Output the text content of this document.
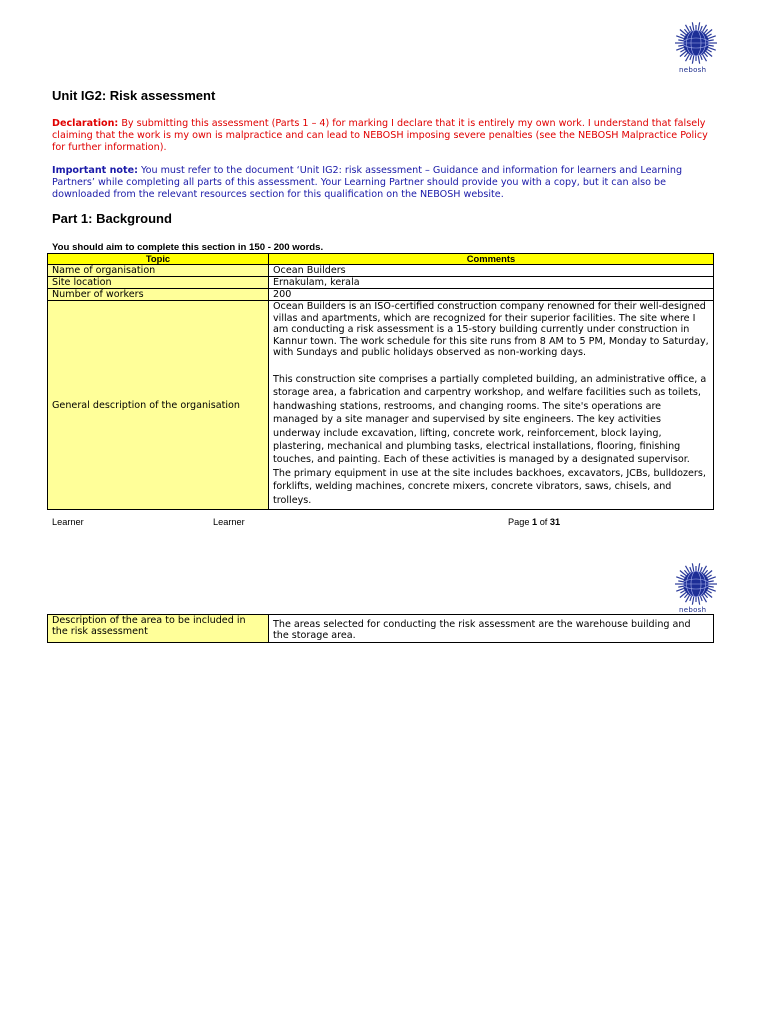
nebosh
Unit IG2: Risk assessment
Declaration: By submitting this assessment (Parts 1 – 4) for marking I declare that it is entirely my own work. I understand that falsely claiming that the work is my own is malpractice and can lead to NEBOSH imposing severe penalties (see the NEBOSH Malpractice Policy for further information).
Important note: You must refer to the document ‘Unit IG2: risk assessment – Guidance and information for learners and Learning Partners’ while completing all parts of this assessment. Your Learning Partner should provide you with a copy, but it can also be downloaded from the relevant resources section for this qualification on the NEBOSH website.
Part 1: Background
You should aim to complete this section in 150 - 200 words.
Topic	Comments
Name of organisation	Ocean Builders
Site location	Ernakulam, kerala
Number of workers	200
General description of the organisation	Ocean Builders is an ISO-certified construction company renowned for their well-designed villas and apartments, which are recognized for their superior facilities. The site where I am conducting a risk assessment is a 15-story building currently under construction in Kannur town. The work schedule for this site runs from 8 AM to 5 PM, Monday to Saturday, with Sundays and public holidays observed as non-working days.

This construction site comprises a partially completed building, an administrative office, a storage area, a fabrication and carpentry workshop, and welfare facilities such as toilets, handwashing stations, restrooms, and changing rooms. The site's operations are managed by a site manager and supervised by site engineers. The key activities underway include excavation, lifting, concrete work, reinforcement, block laying, plastering, mechanical and plumbing tasks, electrical installations, flooring, finishing touches, and painting. Each of these activities is managed by a designated supervisor. The primary equipment in use at the site includes backhoes, excavators, JCBs, bulldozers, forklifts, welding machines, concrete mixers, concrete vibrators, saws, chisels, and trolleys.

Learner	Learner	Page 1 of 31
nebosh
Description of the area to be included in the risk assessment	The areas selected for conducting the risk assessment are the warehouse building and the storage area.
